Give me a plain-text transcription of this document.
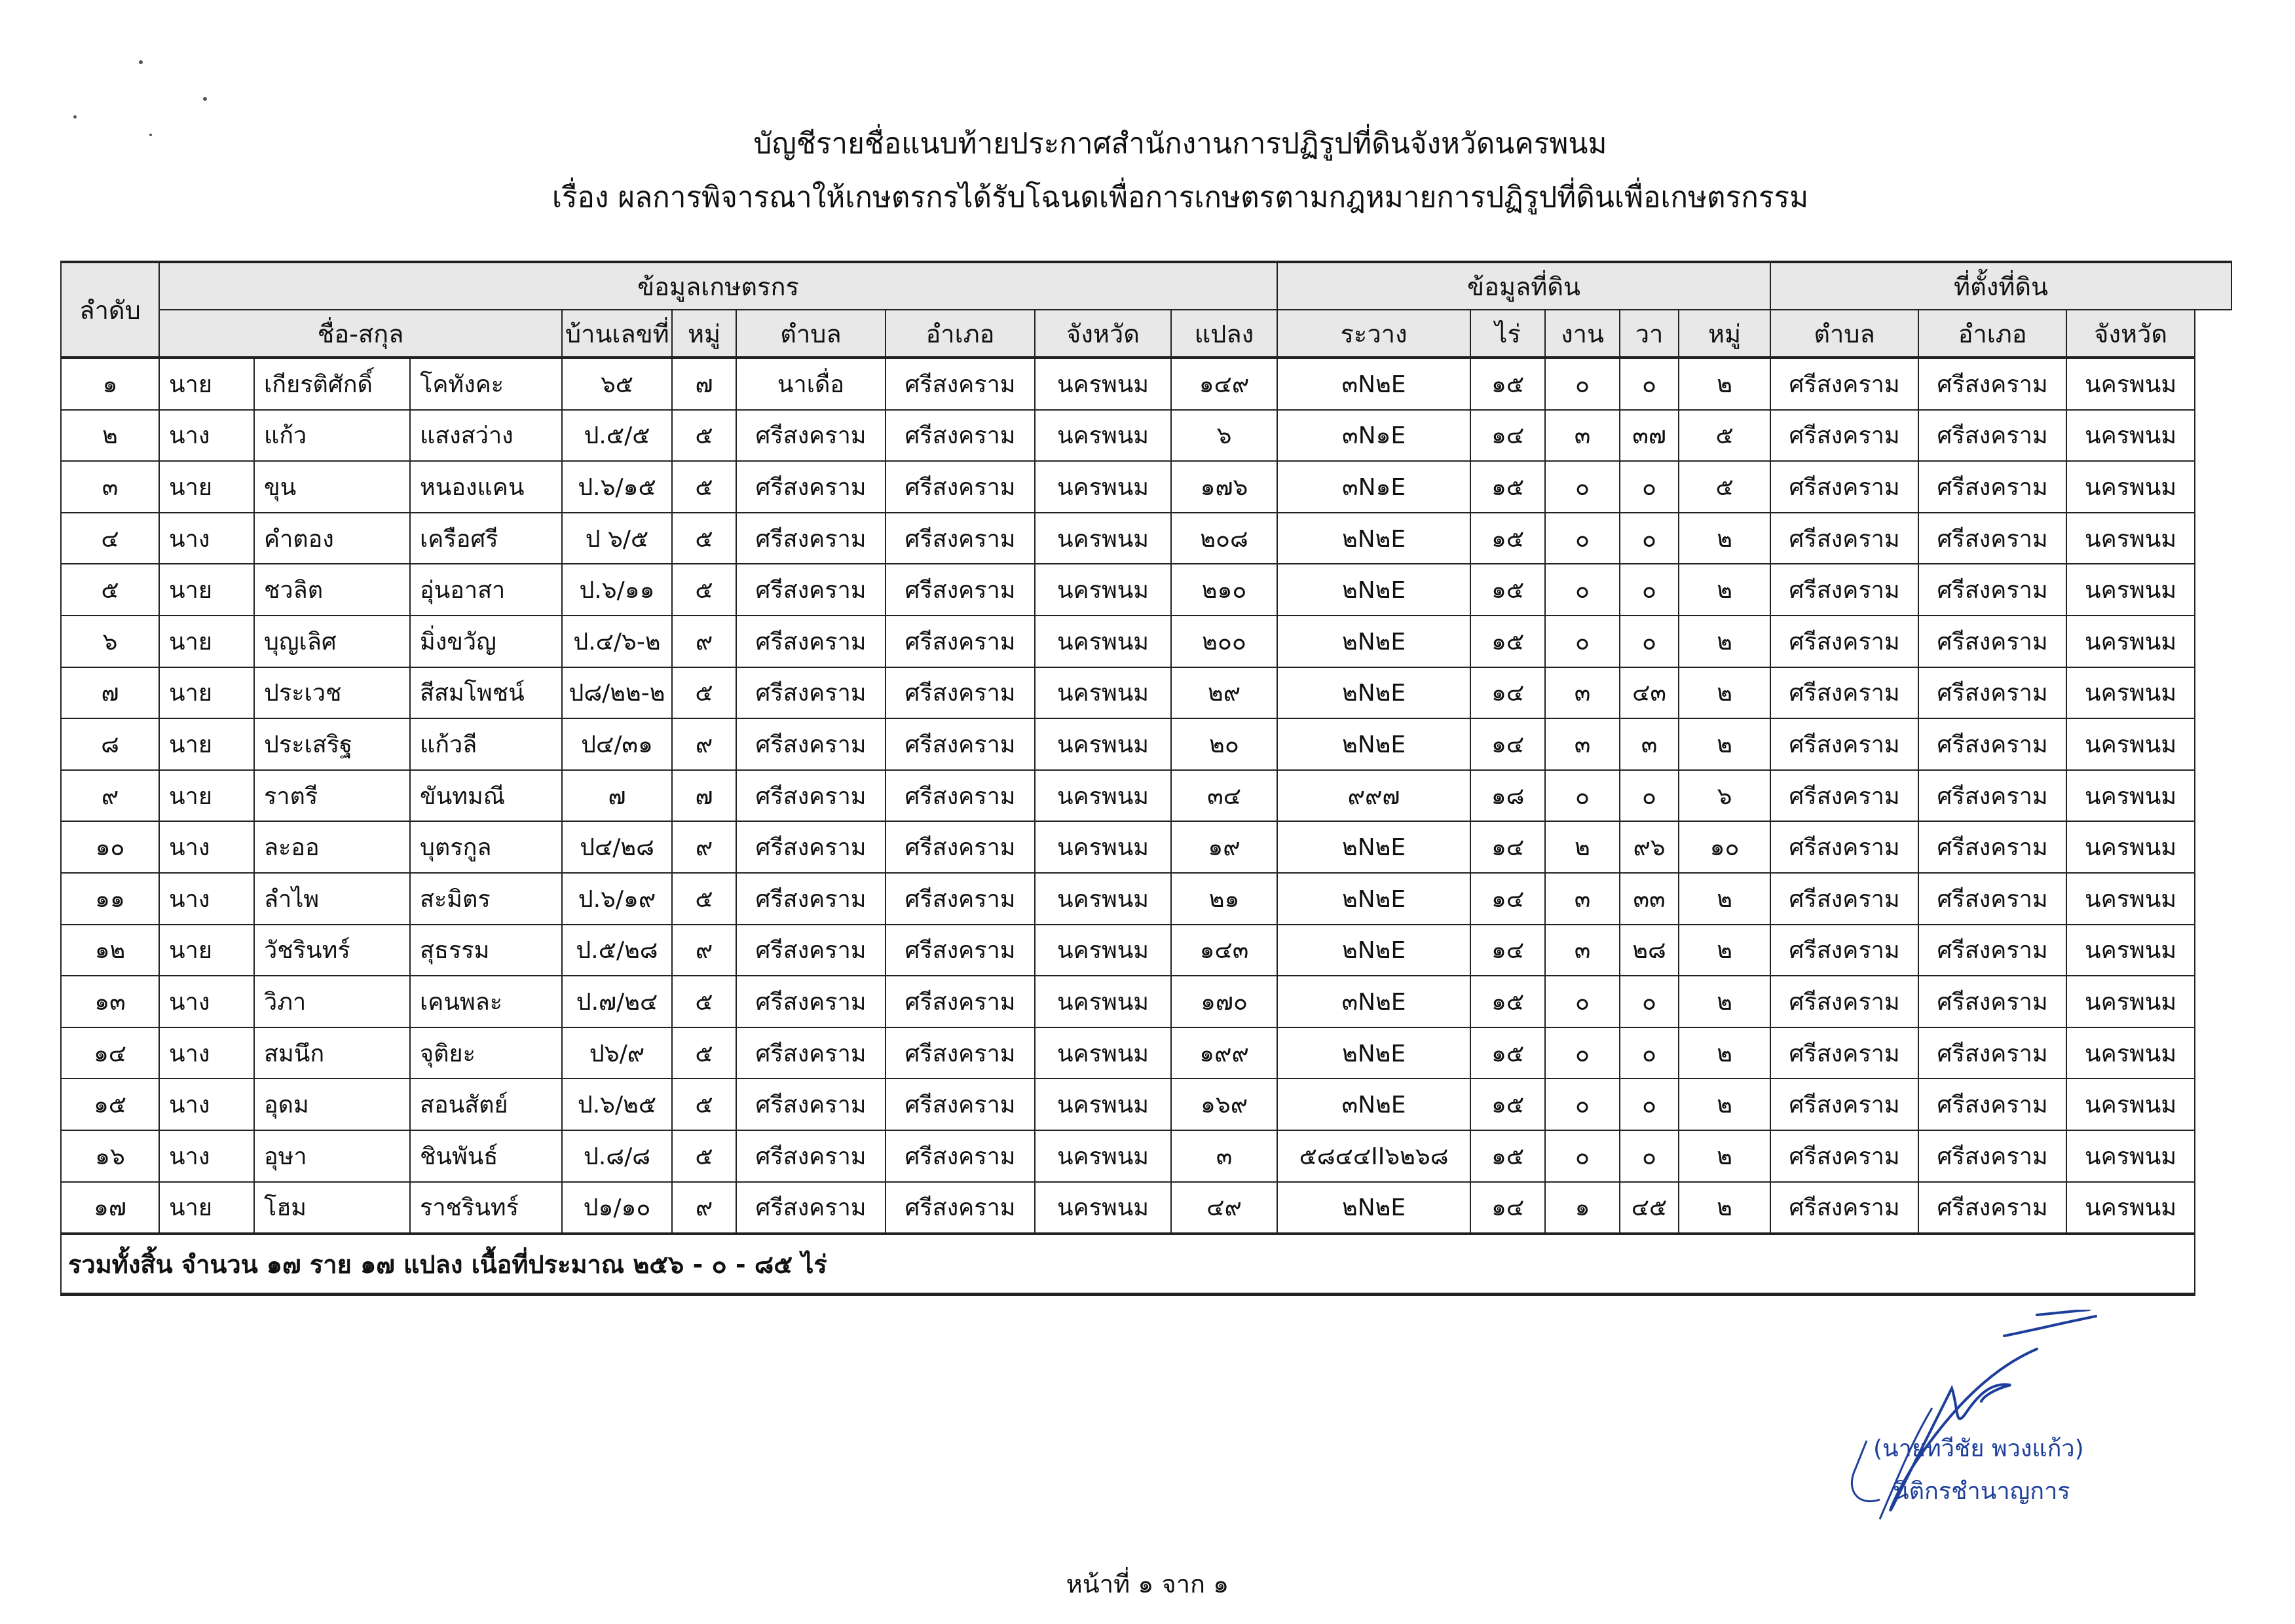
บัญชีรายชื่อแนบท้ายประกาศสำนักงานการปฏิรูปที่ดินจังหวัดนครพนม
เรื่อง ผลการพิจารณาให้เกษตรกรได้รับโฉนดเพื่อการเกษตรตามกฎหมายการปฏิรูปที่ดินเพื่อเกษตรกรรม
ลำดับ	ข้อมูลเกษตรกร									ข้อมูลที่ดิน					ที่ตั้งที่ดิน		
	ชื่อ-สกุล			บ้านเลขที่	หมู่	ตำบล	อำเภอ	จังหวัด	แปลง	ระวาง	ไร่	งาน	วา	หมู่	ตำบล	อำเภอ	จังหวัด
๑	นาย	เกียรติศักดิ์	โคทังคะ	๖๕	๗	นาเดื่อ	ศรีสงคราม	นครพนม	๑๔๙	๓N๒E	๑๕	๐	๐	๒	ศรีสงคราม	ศรีสงคราม	นครพนม
๒	นาง	แก้ว	แสงสว่าง	ป.๕/๕	๕	ศรีสงคราม	ศรีสงคราม	นครพนม	๖	๓N๑E	๑๔	๓	๓๗	๕	ศรีสงคราม	ศรีสงคราม	นครพนม
๓	นาย	ขุน	หนองแคน	ป.๖/๑๕	๕	ศรีสงคราม	ศรีสงคราม	นครพนม	๑๗๖	๓N๑E	๑๕	๐	๐	๕	ศรีสงคราม	ศรีสงคราม	นครพนม
๔	นาง	คำตอง	เครือศรี	ป ๖/๕	๕	ศรีสงคราม	ศรีสงคราม	นครพนม	๒๐๘	๒N๒E	๑๕	๐	๐	๒	ศรีสงคราม	ศรีสงคราม	นครพนม
๕	นาย	ชวลิต	อุ่นอาสา	ป.๖/๑๑	๕	ศรีสงคราม	ศรีสงคราม	นครพนม	๒๑๐	๒N๒E	๑๕	๐	๐	๒	ศรีสงคราม	ศรีสงคราม	นครพนม
๖	นาย	บุญเลิศ	มิ่งขวัญ	ป.๔/๖-๒	๙	ศรีสงคราม	ศรีสงคราม	นครพนม	๒๐๐	๒N๒E	๑๕	๐	๐	๒	ศรีสงคราม	ศรีสงคราม	นครพนม
๗	นาย	ประเวช	สีสมโพชน์	ป๘/๒๒-๒	๕	ศรีสงคราม	ศรีสงคราม	นครพนม	๒๙	๒N๒E	๑๔	๓	๔๓	๒	ศรีสงคราม	ศรีสงคราม	นครพนม
๘	นาย	ประเสริฐ	แก้วลี	ป๔/๓๑	๙	ศรีสงคราม	ศรีสงคราม	นครพนม	๒๐	๒N๒E	๑๔	๓	๓	๒	ศรีสงคราม	ศรีสงคราม	นครพนม
๙	นาย	ราตรี	ขันทมณี	๗	๗	ศรีสงคราม	ศรีสงคราม	นครพนม	๓๔	๙๙๗	๑๘	๐	๐	๖	ศรีสงคราม	ศรีสงคราม	นครพนม
๑๐	นาง	ละออ	บุตรกูล	ป๔/๒๘	๙	ศรีสงคราม	ศรีสงคราม	นครพนม	๑๙	๒N๒E	๑๔	๒	๙๖	๑๐	ศรีสงคราม	ศรีสงคราม	นครพนม
๑๑	นาง	ลำไพ	สะมิตร	ป.๖/๑๙	๕	ศรีสงคราม	ศรีสงคราม	นครพนม	๒๑	๒N๒E	๑๔	๓	๓๓	๒	ศรีสงคราม	ศรีสงคราม	นครพนม
๑๒	นาย	วัชรินทร์	สุธรรม	ป.๕/๒๘	๙	ศรีสงคราม	ศรีสงคราม	นครพนม	๑๔๓	๒N๒E	๑๔	๓	๒๘	๒	ศรีสงคราม	ศรีสงคราม	นครพนม
๑๓	นาง	วิภา	เคนพละ	ป.๗/๒๔	๕	ศรีสงคราม	ศรีสงคราม	นครพนม	๑๗๐	๓N๒E	๑๕	๐	๐	๒	ศรีสงคราม	ศรีสงคราม	นครพนม
๑๔	นาง	สมนึก	จุติยะ	ป๖/๙	๕	ศรีสงคราม	ศรีสงคราม	นครพนม	๑๙๙	๒N๒E	๑๕	๐	๐	๒	ศรีสงคราม	ศรีสงคราม	นครพนม
๑๕	นาง	อุดม	สอนสัตย์	ป.๖/๒๕	๕	ศรีสงคราม	ศรีสงคราม	นครพนม	๑๖๙	๓N๒E	๑๕	๐	๐	๒	ศรีสงคราม	ศรีสงคราม	นครพนม
๑๖	นาง	อุษา	ชินพันธ์	ป.๘/๘	๕	ศรีสงคราม	ศรีสงคราม	นครพนม	๓	๕๘๔๔II๖๒๖๘	๑๕	๐	๐	๒	ศรีสงคราม	ศรีสงคราม	นครพนม
๑๗	นาย	โฮม	ราชรินทร์	ป๑/๑๐	๙	ศรีสงคราม	ศรีสงคราม	นครพนม	๔๙	๒N๒E	๑๔	๑	๔๕	๒	ศรีสงคราม	ศรีสงคราม	นครพนม
รวมทั้งสิ้น จำนวน ๑๗ ราย ๑๗ แปลง เนื้อที่ประมาณ ๒๕๖ - ๐ - ๘๕ ไร่																	
(นายทวีชัย พวงแก้ว)
นิติกรชำนาญการ
หน้าที่ ๑ จาก ๑
